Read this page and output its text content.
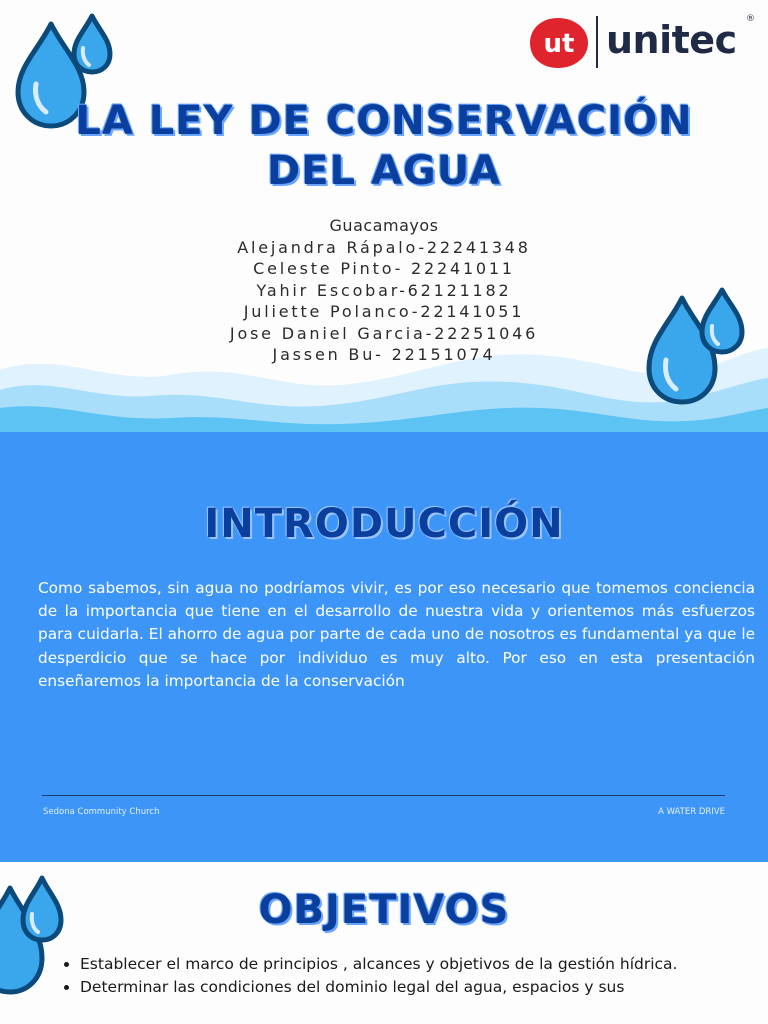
ut unitec ®
LA LEY DE CONSERVACIÓN
DEL AGUA
Guacamayos
Alejandra Rápalo-22241348
Celeste Pinto- 22241011
Yahir Escobar-62121182
Juliette Polanco-22141051
Jose Daniel Garcia-22251046
Jassen Bu- 22151074
INTRODUCCIÓN

Como sabemos, sin agua no podríamos vivir, es por eso necesario que tomemos conciencia de la importancia que tiene en el desarrollo de nuestra vida y orientemos más esfuerzos para cuidarla. El ahorro de agua por parte de cada uno de nosotros es fundamental ya que le desperdicio que se hace por individuo es muy alto. Por eso en esta presentación enseñaremos la importancia de la conservación

Sedona Community Church	A WATER DRIVE
OBJETIVOS
• Establecer el marco de principios , alcances y objetivos de la gestión hídrica.
• Determinar las condiciones del dominio legal del agua, espacios y sus
